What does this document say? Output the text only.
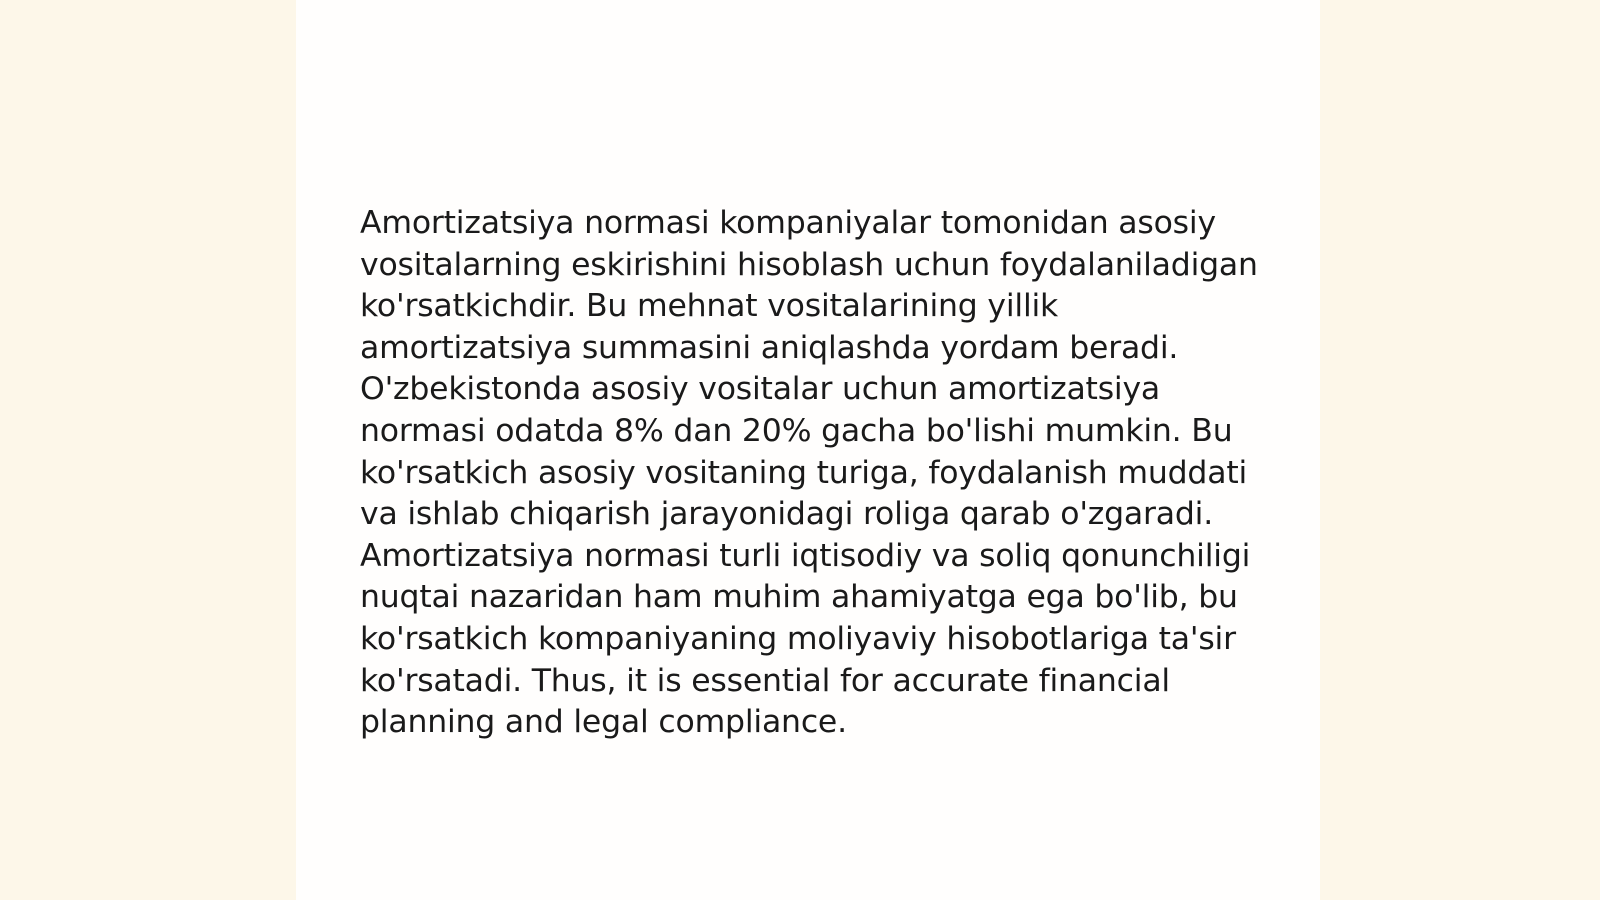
Amortizatsiya normasi kompaniyalar tomonidan asosiy vositalarning eskirishini hisoblash uchun foydalaniladigan ko'rsatkichdir. Bu mehnat vositalarining yillik amortizatsiya summasini aniqlashda yordam beradi. O'zbekistonda asosiy vositalar uchun amortizatsiya normasi odatda 8% dan 20% gacha bo'lishi mumkin. Bu ko'rsatkich asosiy vositaning turiga, foydalanish muddati va ishlab chiqarish jarayonidagi roliga qarab o'zgaradi. Amortizatsiya normasi turli iqtisodiy va soliq qonunchiligi nuqtai nazaridan ham muhim ahamiyatga ega bo'lib, bu ko'rsatkich kompaniyaning moliyaviy hisobotlariga ta'sir ko'rsatadi. Thus, it is essential for accurate financial planning and legal compliance.
